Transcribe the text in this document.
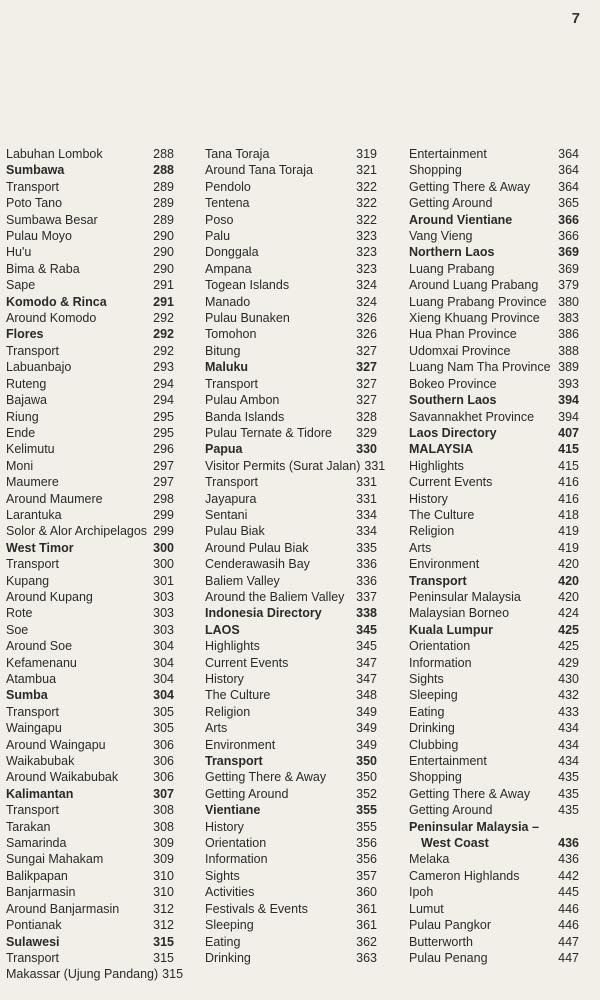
7
Labuhan Lombok	288
Sumbawa	288
Transport	289
Poto Tano	289
Sumbawa Besar	289
Pulau Moyo	290
Hu'u	290
Bima & Raba	290
Sape	291
Komodo & Rinca	291
Around Komodo	292
Flores	292
Transport	292
Labuanbajo	293
Ruteng	294
Bajawa	294
Riung	295
Ende	295
Kelimutu	296
Moni	297
Maumere	297
Around Maumere	298
Larantuka	299
Solor & Alor Archipelagos 299
West Timor	300
Transport	300
Kupang	301
Around Kupang	303
Rote	303
Soe	303
Around Soe	304
Kefamenanu	304
Atambua	304
Sumba	304
Transport	305
Waingapu	305
Around Waingapu	306
Waikabubak	306
Around Waikabubak	306
Kalimantan	307
Transport	308
Tarakan	308
Samarinda	309
Sungai Mahakam	309
Balikpapan	310
Banjarmasin	310
Around Banjarmasin	312
Pontianak	312
Sulawesi	315
Transport	315
Makassar (Ujung Pandang) 315
Tana Toraja	319
Around Tana Toraja	321
Pendolo	322
Tentena	322
Poso	322
Palu	323
Donggala	323
Ampana	323
Togean Islands	324
Manado	324
Pulau Bunaken	326
Tomohon	326
Bitung	327
Maluku	327
Transport	327
Pulau Ambon	327
Banda Islands	328
Pulau Ternate & Tidore	329
Papua	330
Visitor Permits (Surat Jalan) 331
Transport	331
Jayapura	331
Sentani	334
Pulau Biak	334
Around Pulau Biak	335
Cenderawasih Bay	336
Baliem Valley	336
Around the Baliem Valley 337
Indonesia Directory	338
LAOS	345
Highlights	345
Current Events	347
History	347
The Culture	348
Religion	349
Arts	349
Environment	349
Transport	350
Getting There & Away	350
Getting Around	352
Vientiane	355
History	355
Orientation	356
Information	356
Sights	357
Activities	360
Festivals & Events	361
Sleeping	361
Eating	362
Drinking	363
Entertainment	364
Shopping	364
Getting There & Away	364
Getting Around	365
Around Vientiane	366
Vang Vieng	366
Northern Laos	369
Luang Prabang	369
Around Luang Prabang	379
Luang Prabang Province 380
Xieng Khuang Province	383
Hua Phan Province	386
Udomxai Province	388
Luang Nam Tha Province 389
Bokeo Province	393
Southern Laos	394
Savannakhet Province	394
Laos Directory	407
MALAYSIA	415
Highlights	415
Current Events	416
History	416
The Culture	418
Religion	419
Arts	419
Environment	420
Transport	420
Peninsular Malaysia	420
Malaysian Borneo	424
Kuala Lumpur	425
Orientation	425
Information	429
Sights	430
Sleeping	432
Eating	433
Drinking	434
Clubbing	434
Entertainment	434
Shopping	435
Getting There & Away	435
Getting Around	435
Peninsular Malaysia –
West Coast	436
Melaka	436
Cameron Highlands	442
Ipoh	445
Lumut	446
Pulau Pangkor	446
Butterworth	447
Pulau Penang	447
